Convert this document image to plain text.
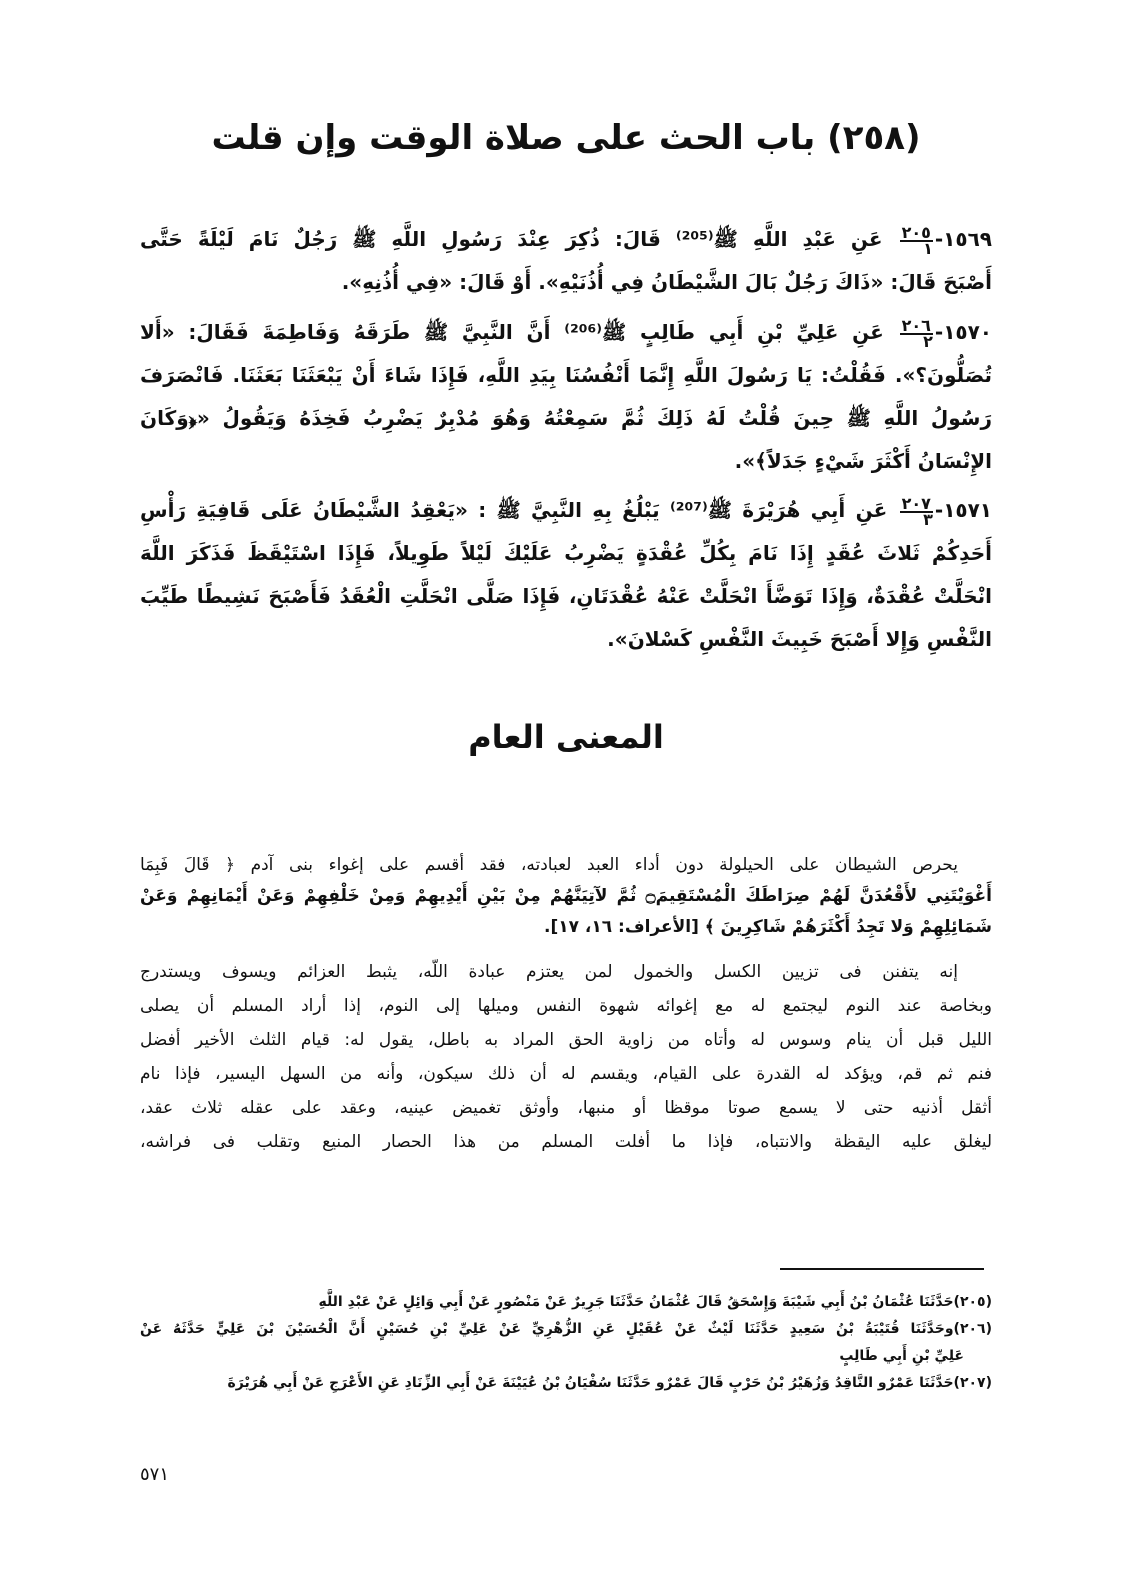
(٢٥٨) باب الحث على صلاة الوقت وإن قلت
١٥٦٩-
$\frac{٢٠٥}{١}$
عَنِ عَبْدِ اللَّهِ ﷺ⁽²⁰⁵⁾ قَالَ: ذُكِرَ عِنْدَ رَسُولِ اللَّهِ ﷺ رَجُلٌ نَامَ لَيْلَةً حَتَّى
أَصْبَحَ قَالَ: «ذَاكَ رَجُلٌ بَالَ الشَّيْطَانُ فِي أُذُنَيْهِ». أَوْ قَالَ: «فِي أُذُنِهِ».
١٥٧٠-
$\frac{٢٠٦}{٢}$
عَنِ عَلِيِّ بْنِ أَبِي طَالِبٍ ﷺ⁽²⁰⁶⁾ أَنَّ النَّبِيَّ ﷺ طَرَقَهُ وَفَاطِمَةَ فَقَالَ: «أَلا
تُصَلُّونَ؟». فَقُلْتُ: يَا رَسُولَ اللَّهِ إِنَّمَا أَنْفُسُنَا بِيَدِ اللَّهِ، فَإِذَا شَاءَ أَنْ يَبْعَثَنَا بَعَثَنَا. فَانْصَرَفَ
رَسُولُ اللَّهِ ﷺ حِينَ قُلْتُ لَهُ ذَلِكَ ثُمَّ سَمِعْتُهُ وَهُوَ مُدْبِرٌ يَضْرِبُ فَخِذَهُ وَيَقُولُ «﴿وَكَانَ
الإِنْسَانُ أَكْثَرَ شَيْءٍ جَدَلاً﴾».
١٥٧١-
$\frac{٢٠٧}{٣}$
عَنِ أَبِي هُرَيْرَةَ ﷺ⁽²⁰⁷⁾ يَبْلُغُ بِهِ النَّبِيَّ ﷺ : «يَعْقِدُ الشَّيْطَانُ عَلَى قَافِيَةِ رَأْسِ
أَحَدِكُمْ ثَلاثَ عُقَدٍ إِذَا نَامَ بِكُلِّ عُقْدَةٍ يَضْرِبُ عَلَيْكَ لَيْلاً طَوِيلاً، فَإِذَا اسْتَيْقَظَ فَذَكَرَ اللَّهَ
انْحَلَّتْ عُقْدَةٌ، وَإِذَا تَوَضَّأَ انْحَلَّتْ عَنْهُ عُقْدَتَانِ، فَإِذَا صَلَّى انْحَلَّتِ الْعُقَدُ فَأَصْبَحَ نَشِيطًا طَيِّبَ
النَّفْسِ وَإِلا أَصْبَحَ خَبِيثَ النَّفْسِ كَسْلانَ».
المعنى العام
يحرص الشيطان على الحيلولة دون أداء العبد لعبادته، فقد أقسم على إغواء بنى آدم ﴿ قَالَ فَبِمَا
أَغْوَيْتَنِي لأَقْعُدَنَّ لَهُمْ صِرَاطَكَ الْمُسْتَقِيمَ۝ ثُمَّ لآتِيَنَّهُمْ مِنْ بَيْنِ أَيْدِيهِمْ وَمِنْ خَلْفِهِمْ وَعَنْ أَيْمَانِهِمْ وَعَنْ
شَمَائِلِهِمْ وَلا تَجِدُ أَكْثَرَهُمْ شَاكِرِينَ ﴾ [الأعراف: ١٦، ١٧].
إنه يتفنن فى تزيين الكسل والخمول لمن يعتزم عبادة اللّه، يثبط العزائم ويسوف ويستدرج
وبخاصة عند النوم ليجتمع له مع إغوائه شهوة النفس وميلها إلى النوم، إذا أراد المسلم أن يصلى
الليل قبل أن ينام وسوس له وأتاه من زاوية الحق المراد به باطل، يقول له: قيام الثلث الأخير أفضل
فنم ثم قم، ويؤكد له القدرة على القيام، ويقسم له أن ذلك سيكون، وأنه من السهل اليسير، فإذا نام
أثقل أذنيه حتى لا يسمع صوتا موقظا أو منبها، وأوثق تغميض عينيه، وعقد على عقله ثلاث عقد،
ليغلق عليه اليقظة والانتباه، فإذا ما أفلت المسلم من هذا الحصار المنيع وتقلب فى فراشه،
(٢٠٥)حَدَّثَنَا عُثْمَانُ بْنُ أَبِي شَيْبَةَ وَإِسْحَقُ قَالَ عُثْمَانُ حَدَّثَنَا جَرِيرٌ عَنْ مَنْصُورٍ عَنْ أَبِي وَائِلٍ عَنْ عَبْدِ اللَّهِ
(٢٠٦)وحَدَّثَنَا قُتَيْبَةُ بْنُ سَعِيدٍ حَدَّثَنَا لَيْثٌ عَنْ عُقَيْلٍ عَنِ الزُّهْرِيِّ عَنْ عَلِيِّ بْنِ حُسَيْنٍ أَنَّ الْحُسَيْنَ بْنَ عَلِيٍّ حَدَّثَهُ عَنْ
عَلِيِّ بْنِ أَبِي طَالِبٍ
(٢٠٧)حَدَّثَنَا عَمْرٌو النَّاقِدُ وَزُهَيْرُ بْنُ حَرْبٍ قَالَ عَمْرٌو حَدَّثَنَا سُفْيَانُ بْنُ عُيَيْنَةَ عَنْ أَبِي الزِّنَادِ عَنِ الأَعْرَجِ عَنْ أَبِي هُرَيْرَةَ
٥٧١
